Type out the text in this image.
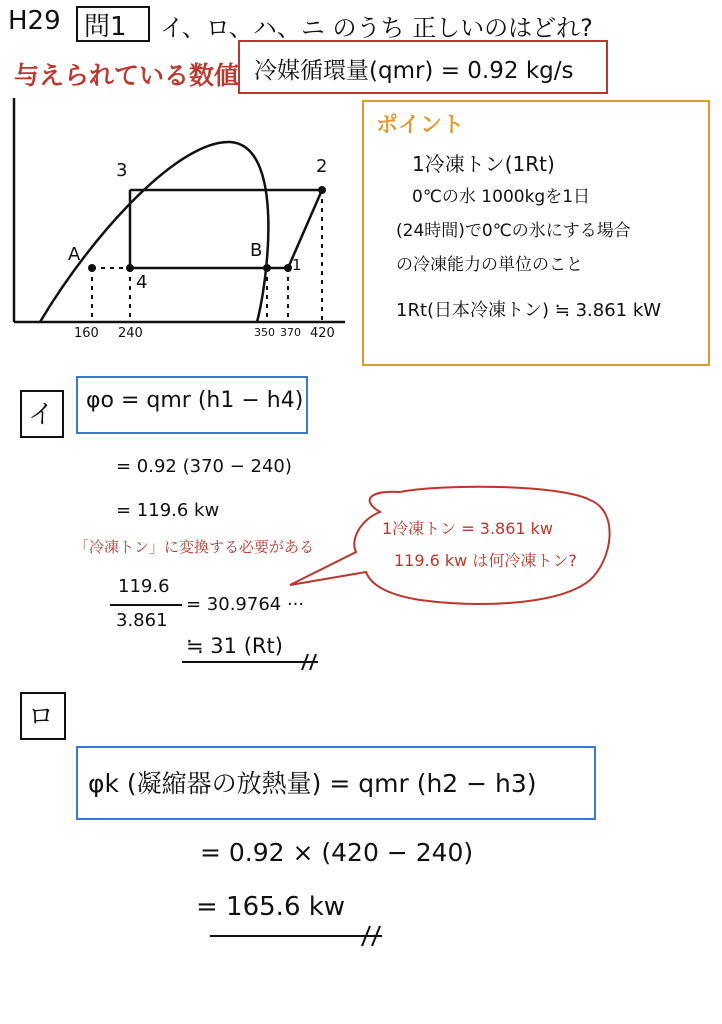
H29 問1 イ、ロ、ハ、ニ のうち 正しいのはどれ?
与えられている数値 冷媒循環量(qmr) = 0.92 kg/s
3	2
A	B
4
1
160 240	350 370 420
ポイント
1冷凍トン(1Rt)
0℃の水 1000kgを1日
(24時間)で0℃の氷にする場合
の冷凍能力の単位のこと
1Rt(日本冷凍トン) ≒ 3.861 kW
イ φo = qmr (h1 − h4)
= 0.92 (370 − 240)
= 119.6 kw
「冷凍トン」に変換する必要がある
1冷凍トン = 3.861 kw
119.6 kw は何冷凍トン?
119.6
3.861
= 30.9764 ···
≒ 31 (Rt)
ロ
φk (凝縮器の放熱量) = qmr (h2 − h3)
= 0.92 × (420 − 240)
= 165.6 kw
